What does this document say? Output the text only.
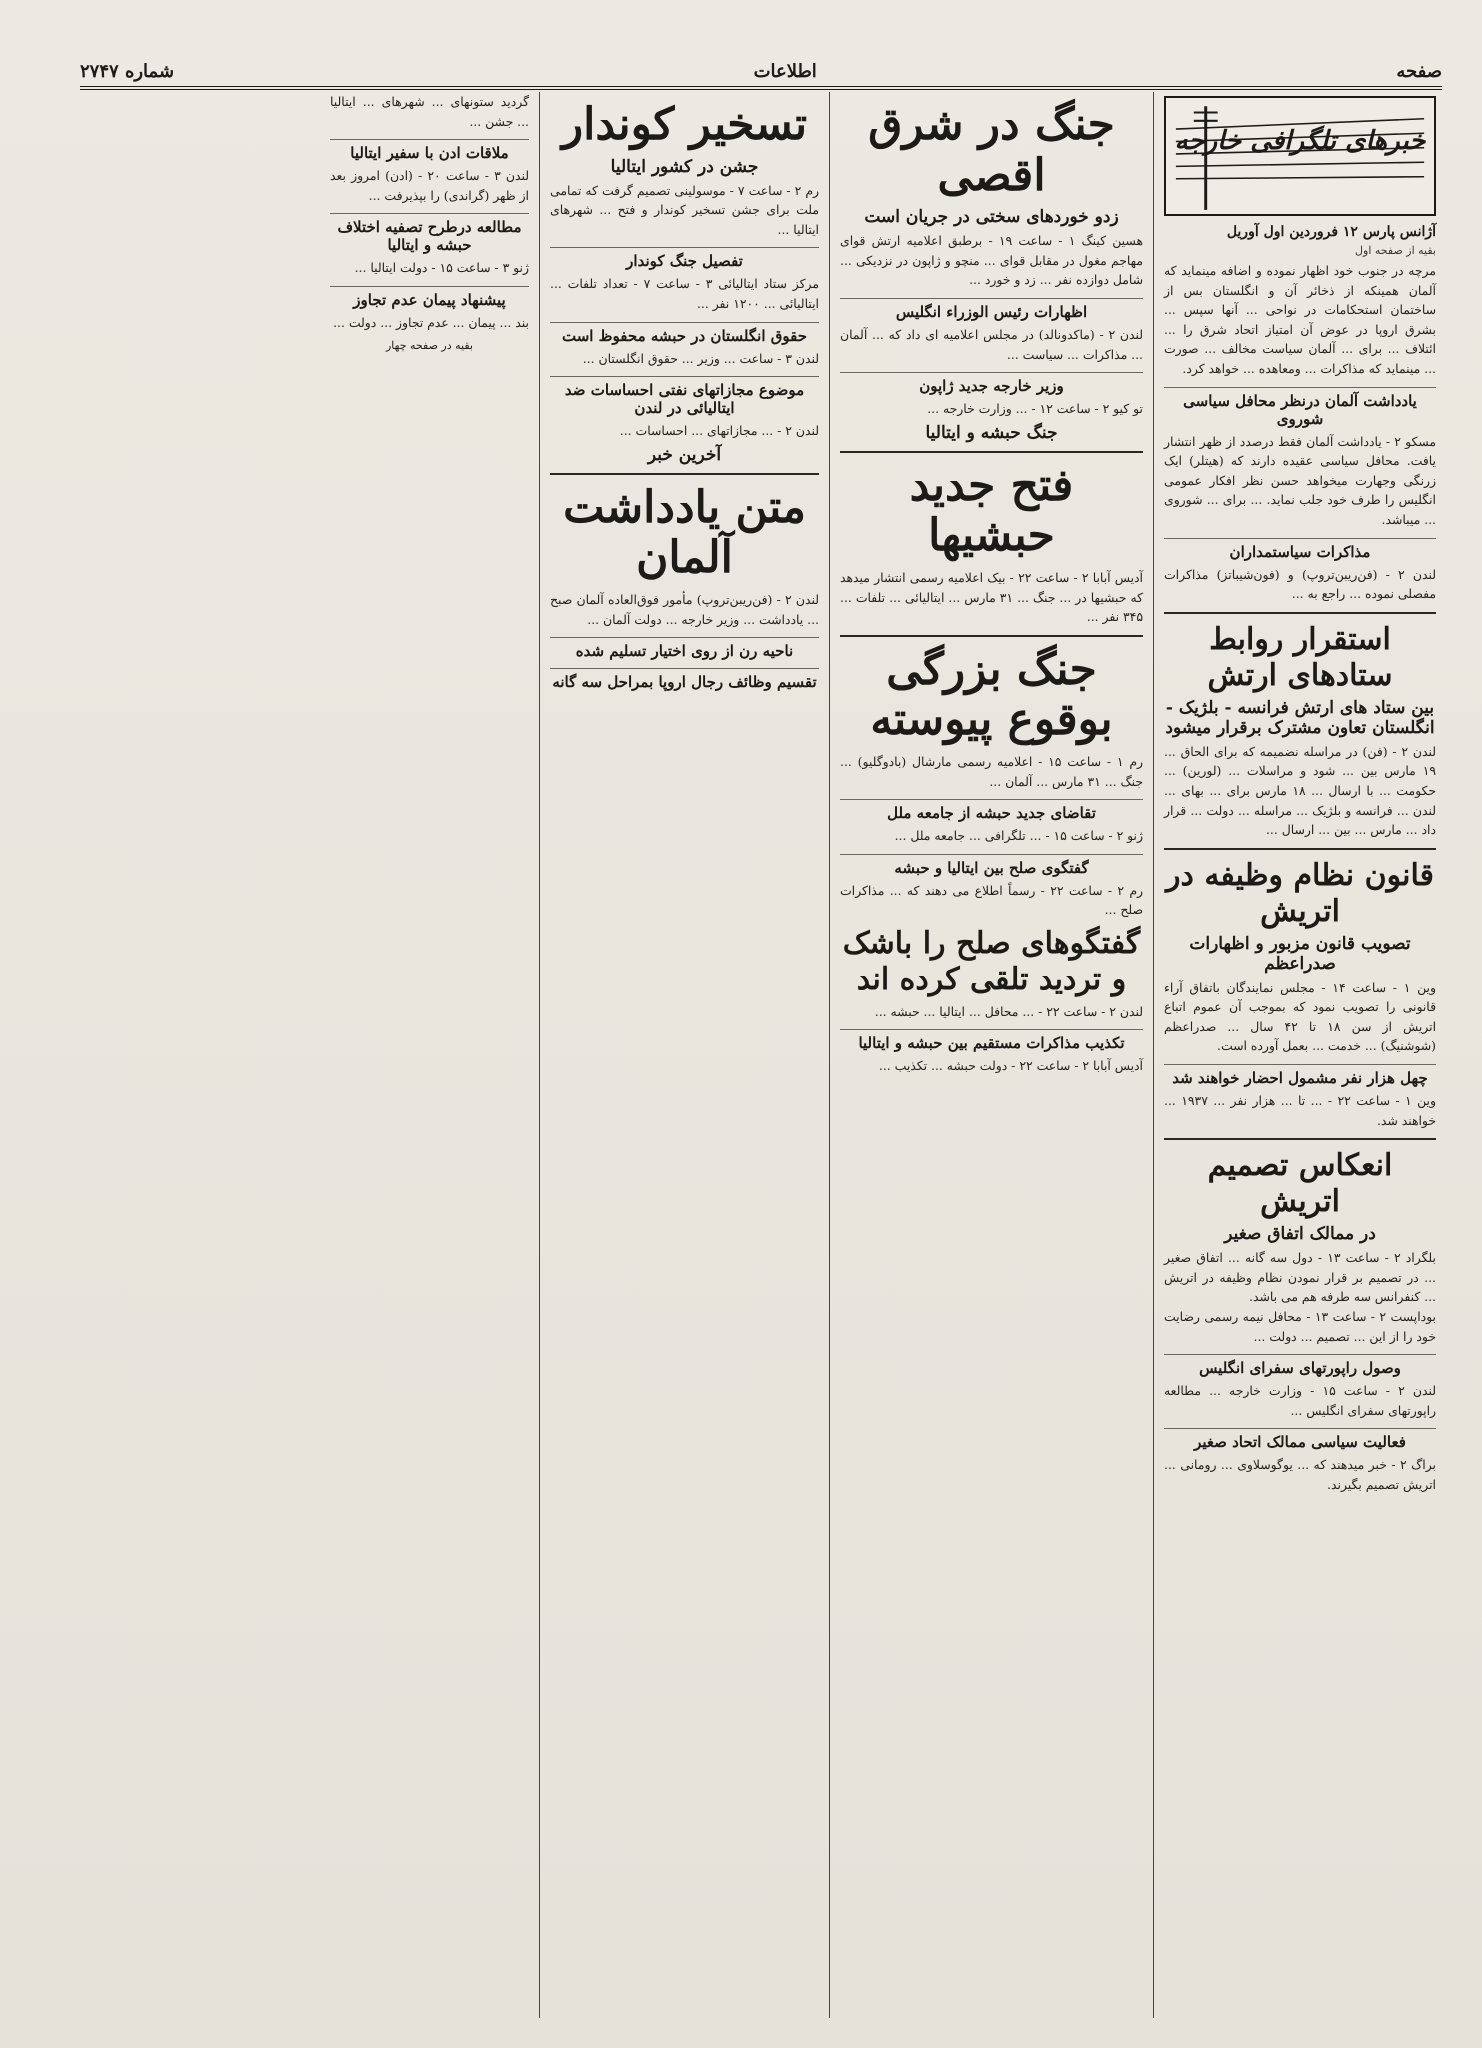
صفحه
اطلاعات
شماره ۲۷۴۷
خبرهای تلگرافی خارجه
آژانس پارس ۱۲ فروردین اول آوریل
بقیه از صفحه اول

مرچه در جنوب خود اظهار نموده و اضافه مینماید که آلمان همینکه از ذخائر آن و انگلستان بس از ساختمان استحکامات در نواحی ... آنها سپس ... بشرق اروپا در عوض آن امتیاز اتحاد شرق را ... ائتلاف ... برای ... آلمان سیاست مخالف ... صورت ... مینماید که مذاکرات ... ومعاهده ... خواهد کرد.

یادداشت آلمان درنظر محافل سیاسی شوروی

مسکو ۲ - یادداشت آلمان فقط درصدد از ظهر انتشار یافت. محافل سیاسی عقیده دارند که (هیتلر) ایک زرنگی وجهارت میخواهد حسن نظر افکار عمومی انگلیس را طرف خود جلب نماید. ... برای ... شوروی ... میباشد.

مذاکرات سیاستمداران

لندن ۲ - (فن‌ریبن‌تروپ) و (فون‌‌شیباتز) مذاکرات مفصلی نموده ... راجع به ...

استقرار روابط ستادهای ارتش
بین ستاد های ارتش فرانسه - بلژیک - انگلستان تعاون مشترک برقرار میشود

لندن ۲ - (فن) در مراسله نضمیمه که برای الحاق ... ۱۹ مارس بین ... شود و مراسلات ... (لورین) ... حکومت ... با ارسال ... ۱۸ مارس برای ... بهای ... لندن ... فرانسه و بلژیک ... مراسله ... دولت ... قرار داد ... مارس ... بین ... ارسال ...

قانون نظام وظیفه در اتریش
تصویب قانون مزبور و اظهارات صدراعظم

وین ۱ - ساعت ۱۴ - مجلس نمایندگان باتفاق آراء قانونی را تصویب نمود که بموجب آن عموم اتباع اتریش از سن ۱۸ تا ۴۲ سال ... صدراعظم (شوشنیگ) ... خدمت ... بعمل آورده است.

چهل هزار نفر مشمول احضار خواهند شد

وین ۱ - ساعت ۲۲ - ... تا ... هزار نفر ... ۱۹۳۷ ... خواهند شد.

انعکاس تصمیم اتریش
در ممالک اتفاق صغیر

بلگراد ۲ - ساعت ۱۳ - دول سه گانه ... اتفاق صغیر ... در تصمیم بر قرار نمودن نظام وظیفه در اتریش ... کنفرانس سه طرفه هم می باشد.

بوداپست ۲ - ساعت ۱۳ - محافل نیمه رسمی رضایت خود را از این ... تصمیم ... دولت ...

وصول راپورتهای سفرای انگلیس

لندن ۲ - ساعت ۱۵ - وزارت خارجه ... مطالعه راپورتهای سفرای انگلیس ...

فعالیت سیاسی ممالک اتحاد صغیر

براگ ۲ - خبر میدهند که ... یوگوسلاوی ... رومانی ... اتریش تصمیم بگیرند.

جنگ در شرق اقصی
زدو خوردهای سختی در جریان است

هسین کینگ ۱ - ساعت ۱۹ - برطبق اعلامیه ارتش قوای مهاجم مغول در مقابل قوای ... منچو و ژاپون در نزدیکی ... شامل دوازده نفر ... زد و خورد ...

اظهارات رئیس الوزراء انگلیس

لندن ۲ - (ماکدونالد) در مجلس اعلامیه ای داد که ... آلمان ... مذاکرات ... سیاست ...

وزیر خارجه جدید ژاپون

تو کیو ۲ - ساعت ۱۲ - ... وزارت خارجه ...

جنگ حبشه و ایتالیا
فتح جدید حبشیها

آدیس آبابا ۲ - ساعت ۲۲ - بیک اعلامیه رسمی انتشار میدهد که حبشیها در ... جنگ ... ۳۱ مارس ... ایتالیائی ... تلفات ... ۳۴۵ نفر ...

جنگ بزرگی بوقوع پیوسته

رم ۱ - ساعت ۱۵ - اعلامیه رسمی مارشال (بادوگلیو) ... جنگ ... ۳۱ مارس ... آلمان ...

تقاضای جدید حبشه از جامعه ملل

ژنو ۲ - ساعت ۱۵ - ... تلگرافی ... جامعه ملل ...

گفتگوی صلح بین ایتالیا و حبشه

رم ۲ - ساعت ۲۲ - رسماً اطلاع می دهند که ... مذاکرات صلح ...

گفتگوهای صلح را باشک و تردید تلقی کرده اند

لندن ۲ - ساعت ۲۲ - ... محافل ... ایتالیا ... حبشه ...

تکذیب مذاکرات مستقیم بین حبشه و ایتالیا

آدیس آبابا ۲ - ساعت ۲۲ - دولت حبشه ... تکذیب ...

تسخیر کوندار
جشن در کشور ایتالیا

رم ۲ - ساعت ۷ - موسولینی تصمیم گرفت که تمامی ملت برای جشن تسخیر کوندار و فتح ... شهرهای ایتالیا ...

تفصیل جنگ کوندار

مرکز ستاد ایتالیائی ۳ - ساعت ۷ - تعداد تلفات ... ایتالیائی ... ۱۲۰۰ نفر ...

حقوق انگلستان در حبشه محفوظ است

لندن ۳ - ساعت ... وزیر ... حقوق انگلستان ...

موضوع مجازاتهای نفتی احساسات ضد ایتالیائی در لندن

لندن ۲ - ... مجازاتهای ... احساسات ...

آخرین خبر
متن یادداشت آلمان

لندن ۲ - (فن‌ریبن‌تروپ) مأمور فوق‌العاده آلمان صبح ... یادداشت ... وزیر خارجه ... دولت آلمان ...

ناحیه رن از روی اختیار تسلیم شده
تقسیم وظائف رجال اروپا بمراحل سه گانه

گردید ستونهای ... شهرهای ... ایتالیا ... جشن ...

ملاقات ادن با سفیر ایتالیا

لندن ۳ - ساعت ۲۰ - (ادن) امروز بعد از ظهر (گراندی) را بپذیرفت ...

مطالعه درطرح تصفیه اختلاف حبشه و ایتالیا

ژنو ۳ - ساعت ۱۵ - دولت ایتالیا ...

پیشنهاد پیمان عدم تجاوز

بند ... پیمان ... عدم تجاوز ... دولت ...

بقیه در صفحه چهار
